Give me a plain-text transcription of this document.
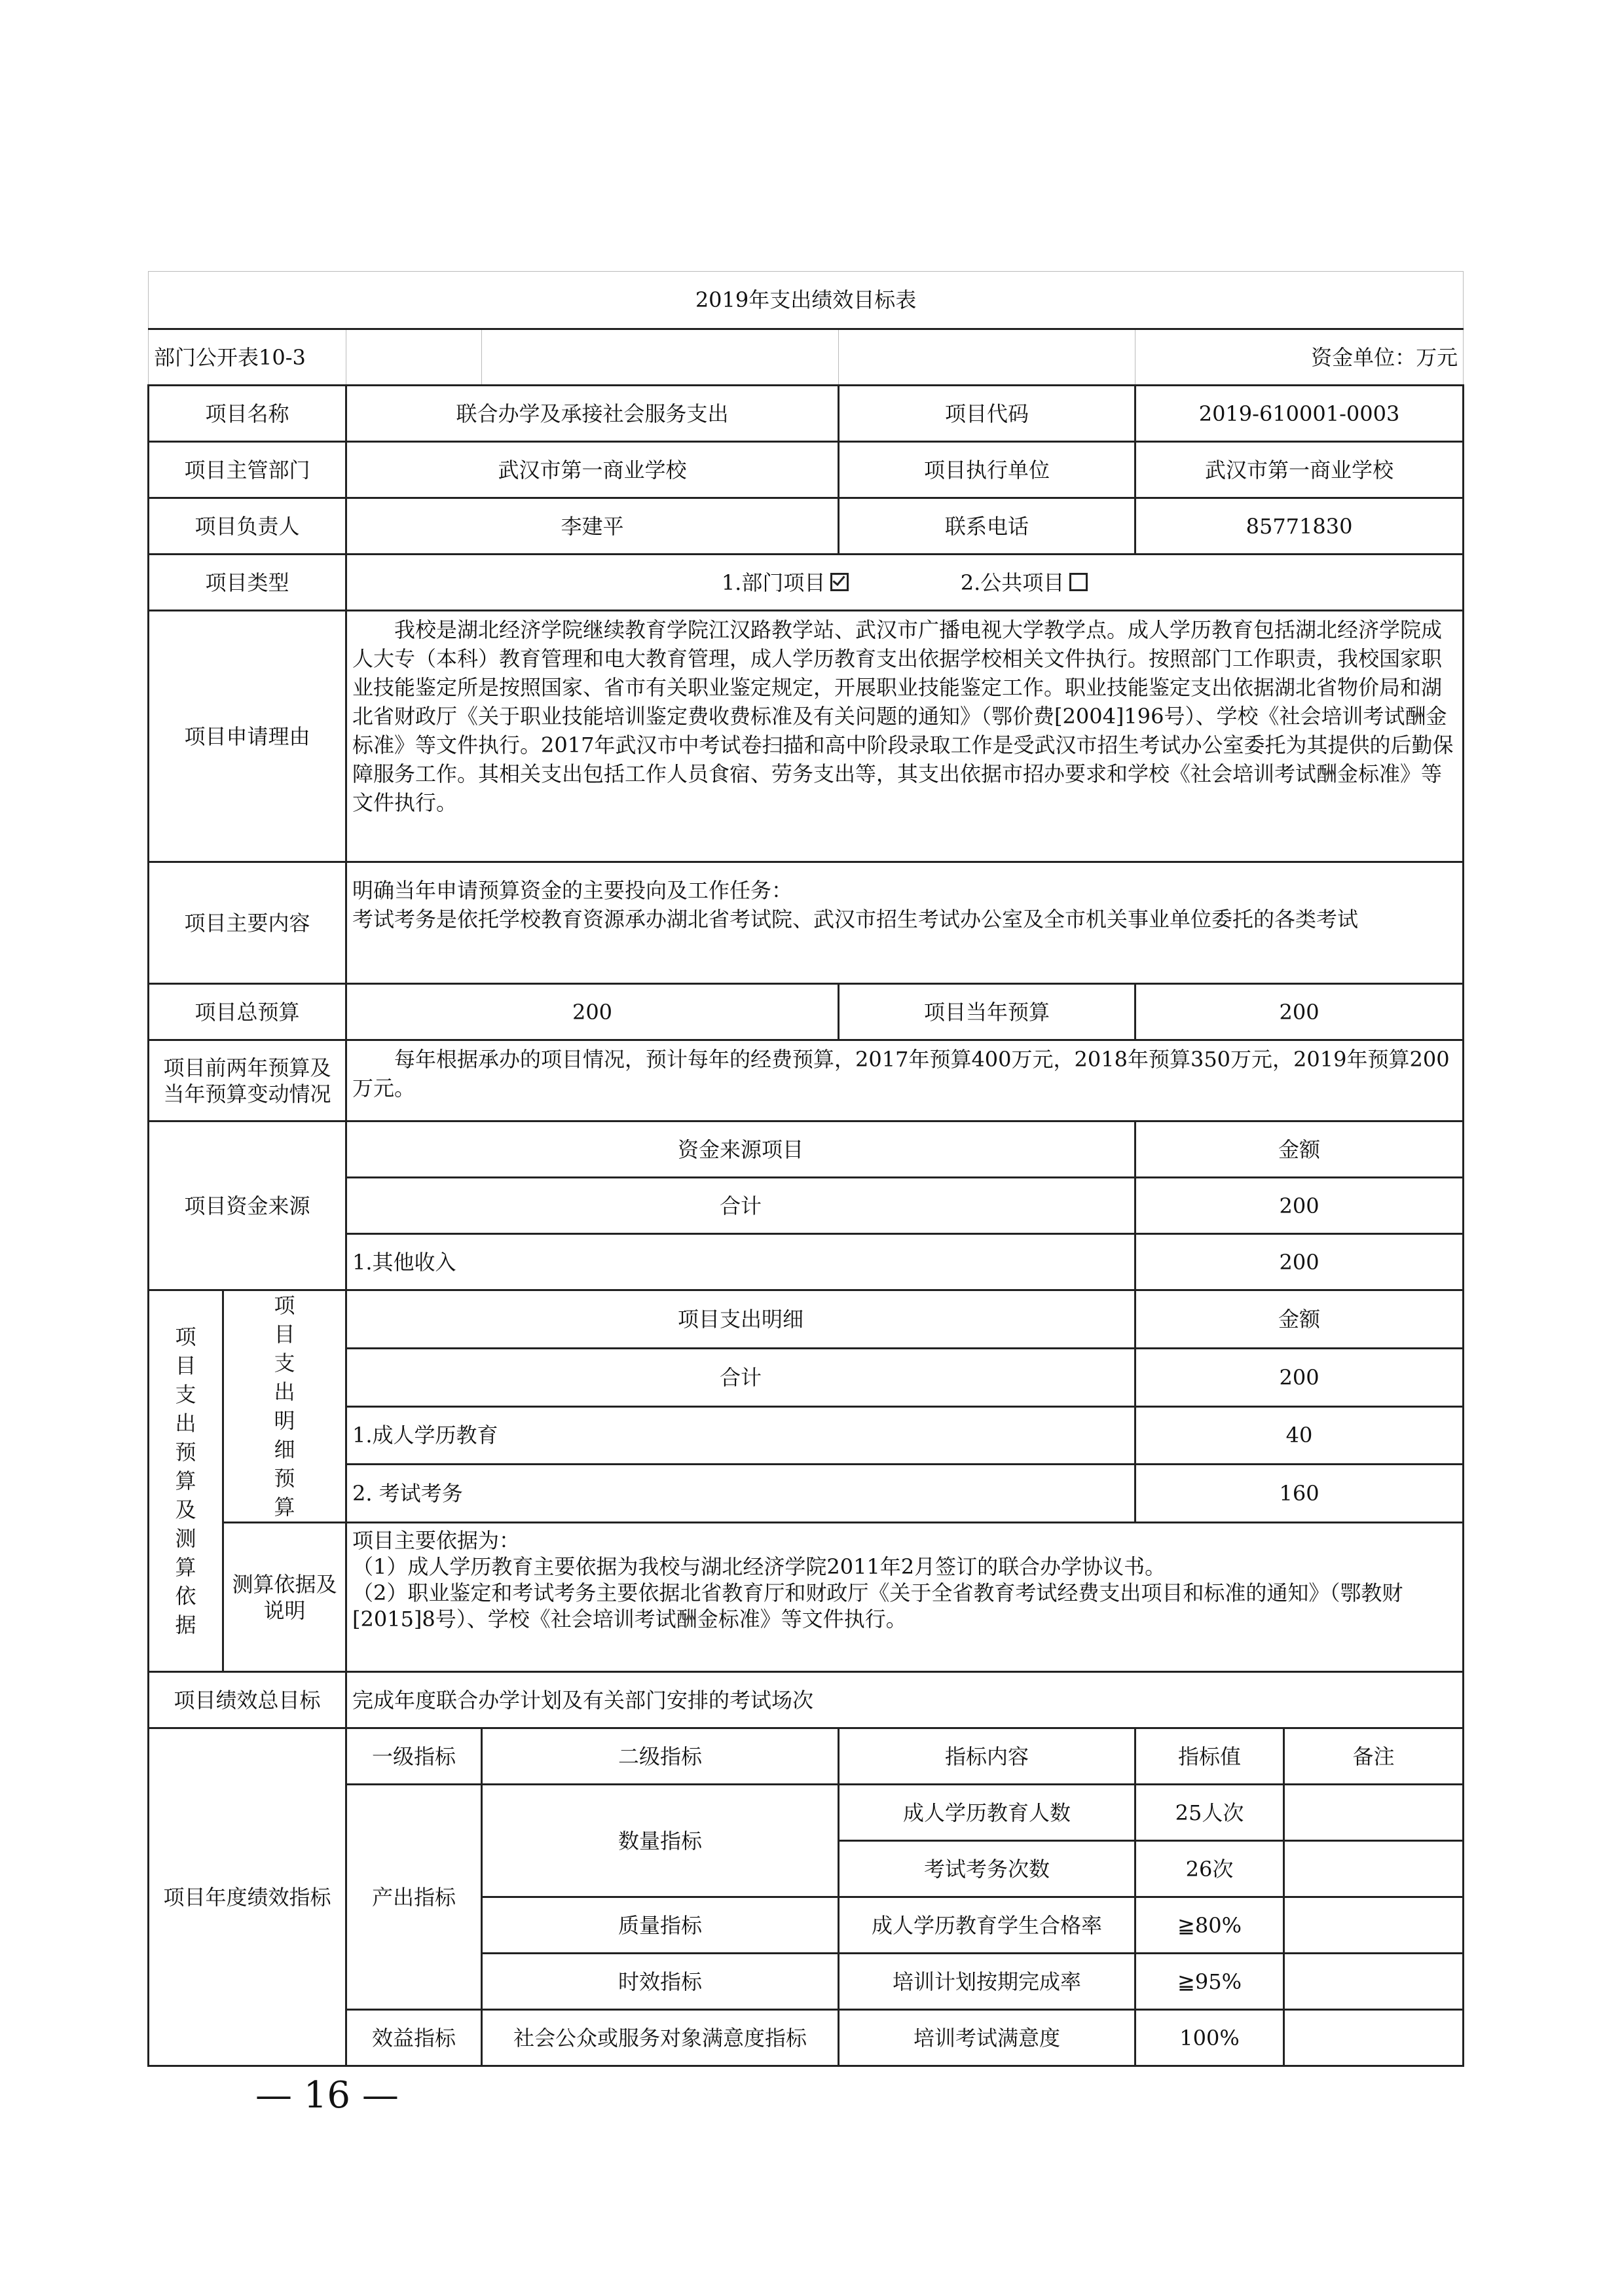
2019年支出绩效目标表						
部门公开表10-3					资金单位：万元	
项目名称		联合办学及承接社会服务支出		项目代码	2019-610001-0003	
项目主管部门		武汉市第一商业学校		项目执行单位	武汉市第一商业学校	
项目负责人		李建平		联系电话	85771830	
项目类型		1.部门项目 2.公共项目				
项目申请理由		我校是湖北经济学院继续教育学院江汉路教学站、武汉市广播电视大学教学点。成人学历教育包括湖北经济学院成人大专（本科）教育管理和电大教育管理，成人学历教育支出依据学校相关文件执行。按照部门工作职责，我校国家职业技能鉴定所是按照国家、省市有关职业鉴定规定，开展职业技能鉴定工作。职业技能鉴定支出依据湖北省物价局和湖北省财政厅《关于职业技能培训鉴定费收费标准及有关问题的通知》（鄂价费[2004]196号）、学校《社会培训考试酬金标准》等文件执行。2017年武汉市中考试卷扫描和高中阶段录取工作是受武汉市招生考试办公室委托为其提供的后勤保障服务工作。其相关支出包括工作人员食宿、劳务支出等，其支出依据市招办要求和学校《社会培训考试酬金标准》等文件执行。				

项目主要内容		明确当年申请预算资金的主要投向及工作任务：
考试考务是依托学校教育资源承办湖北省考试院、武汉市招生考试办公室及全市机关事业单位委托的各类考试				

项目总预算		200		项目当年预算	200	
项目前两年预算及当年预算变动情况		每年根据承办的项目情况，预计每年的经费预算，2017年预算400万元，2018年预算350万元，2019年预算200万元。				

项目资金来源		资金来源项目			金额	
		合计			200	
		1.其他收入			200	
项目支出预算及测算依据	项目支出明细预算	项目支出明细			金额	
		合计			200	
		1.成人学历教育			40	
		2. 考试考务			160	
	测算依据及说明	项目主要依据为：
（1）成人学历教育主要依据为我校与湖北经济学院2011年2月签订的联合办学协议书。
（2）职业鉴定和考试考务主要依据北省教育厅和财政厅《关于全省教育考试经费支出项目和标准的通知》（鄂教财[2015]8号）、学校《社会培训考试酬金标准》等文件执行。				

项目绩效总目标		完成年度联合办学计划及有关部门安排的考试场次				
项目年度绩效指标		一级指标	二级指标	指标内容	指标值	备注
		产出指标	数量指标	成人学历教育人数	25人次	
				考试考务次数	26次	
			质量指标	成人学历教育学生合格率	≧80%	
			时效指标	培训计划按期完成率	≧95%	
		效益指标	社会公众或服务对象满意度指标	培训考试满意度	100%	
— 16 —
